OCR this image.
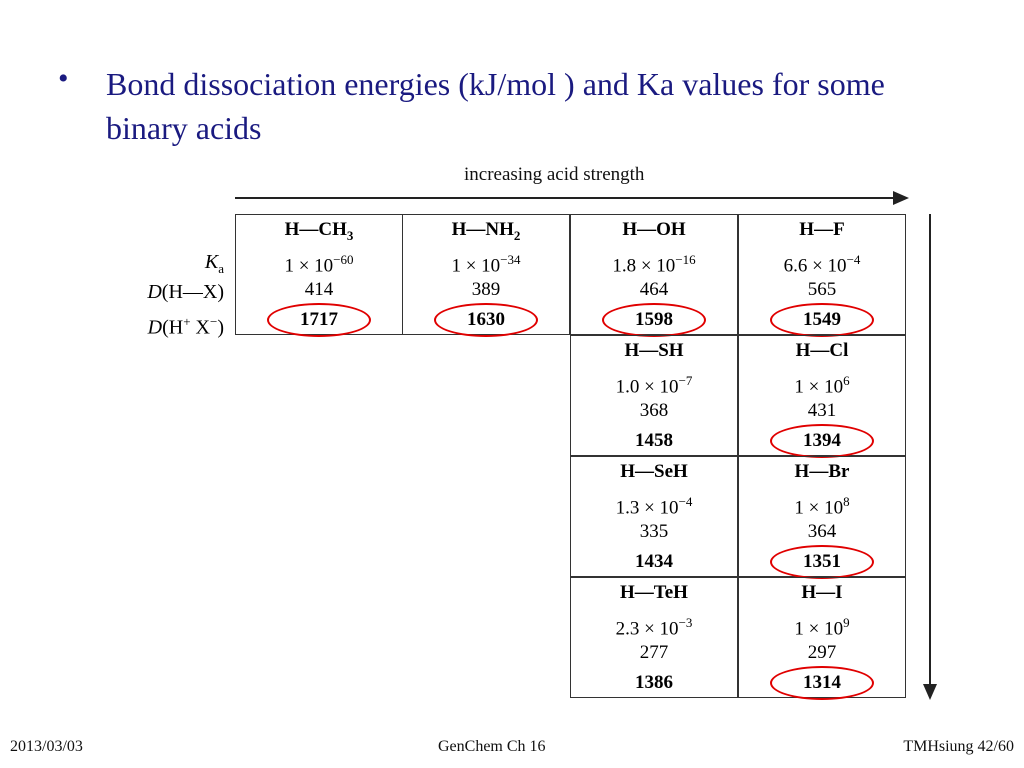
• Bond dissociation energies (kJ/mol ) and Ka values for some binary acids
increasing acid strength
$K_a$
D(H—X)
D(H+ X−)
$H—CH_3$
$1 \times 10^{-60}$
414
1717
$H—NH_2$
$1 \times 10^{-34}$
389
1630
H—OH
$1.8 \times 10^{-16}$
464
1598
H—F
$6.6 \times 10^{-4}$
565
1549
H—SH
$1.0 \times 10^{-7}$
368
1458
H—Cl
$1 \times 10^6$
431
1394
H—SeH
$1.3 \times 10^{-4}$
335
1434
H—Br
$1 \times 10^8$
364
1351
H—TeH
$2.3 \times 10^{-3}$
277
1386
H—I
$1 \times 10^9$
297
1314
2013/03/03	GenChem Ch 16	TMHsiung 42/60
